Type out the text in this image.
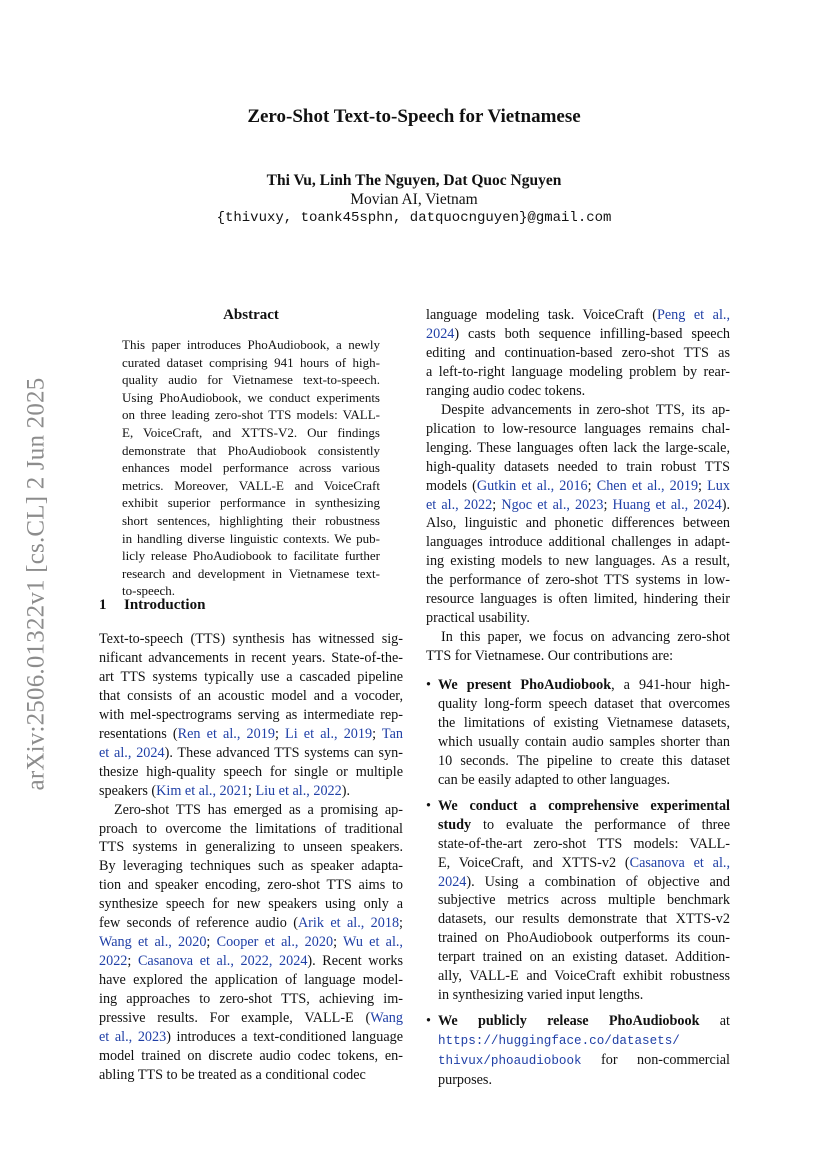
arXiv:2506.01322v1 [cs.CL] 2 Jun 2025
Zero-Shot Text-to-Speech for Vietnamese
Thi Vu, Linh The Nguyen, Dat Quoc Nguyen
Movian AI, Vietnam
{thivuxy, toank45sphn, datquocnguyen}@gmail.com
Abstract
This paper introduces PhoAudiobook, a newly
curated dataset comprising 941 hours of high-
quality audio for Vietnamese text-to-speech.
Using PhoAudiobook, we conduct experiments
on three leading zero-shot TTS models: VALL-
E, VoiceCraft, and XTTS-V2. Our findings
demonstrate that PhoAudiobook consistently
enhances model performance across various
metrics. Moreover, VALL-E and VoiceCraft
exhibit superior performance in synthesizing
short sentences, highlighting their robustness
in handling diverse linguistic contexts. We pub-
licly release PhoAudiobook to facilitate further
research and development in Vietnamese text-
to-speech.
1 Introduction
Text-to-speech (TTS) synthesis has witnessed sig-
nificant advancements in recent years. State-of-the-
art TTS systems typically use a cascaded pipeline
that consists of an acoustic model and a vocoder,
with mel-spectrograms serving as intermediate rep-
resentations (Ren et al., 2019; Li et al., 2019; Tan
et al., 2024). These advanced TTS systems can syn-
thesize high-quality speech for single or multiple
speakers (Kim et al., 2021; Liu et al., 2022).
Zero-shot TTS has emerged as a promising ap-
proach to overcome the limitations of traditional
TTS systems in generalizing to unseen speakers.
By leveraging techniques such as speaker adapta-
tion and speaker encoding, zero-shot TTS aims to
synthesize speech for new speakers using only a
few seconds of reference audio (Arik et al., 2018;
Wang et al., 2020; Cooper et al., 2020; Wu et al.,
2022; Casanova et al., 2022, 2024). Recent works
have explored the application of language model-
ing approaches to zero-shot TTS, achieving im-
pressive results. For example, VALL-E (Wang
et al., 2023) introduces a text-conditioned language
model trained on discrete audio codec tokens, en-
abling TTS to be treated as a conditional codec
language modeling task. VoiceCraft (Peng et al.,
2024) casts both sequence infilling-based speech
editing and continuation-based zero-shot TTS as
a left-to-right language modeling problem by rear-
ranging audio codec tokens.
Despite advancements in zero-shot TTS, its ap-
plication to low-resource languages remains chal-
lenging. These languages often lack the large-scale,
high-quality datasets needed to train robust TTS
models (Gutkin et al., 2016; Chen et al., 2019; Lux
et al., 2022; Ngoc et al., 2023; Huang et al., 2024).
Also, linguistic and phonetic differences between
languages introduce additional challenges in adapt-
ing existing models to new languages. As a result,
the performance of zero-shot TTS systems in low-
resource languages is often limited, hindering their
practical usability.
In this paper, we focus on advancing zero-shot
TTS for Vietnamese. Our contributions are:
• We present PhoAudiobook, a 941-hour high-
quality long-form speech dataset that overcomes
the limitations of existing Vietnamese datasets,
which usually contain audio samples shorter than
10 seconds. The pipeline to create this dataset
can be easily adapted to other languages.
• We conduct a comprehensive experimental
study to evaluate the performance of three
state-of-the-art zero-shot TTS models: VALL-
E, VoiceCraft, and XTTS-v2 (Casanova et al.,
2024). Using a combination of objective and
subjective metrics across multiple benchmark
datasets, our results demonstrate that XTTS-v2
trained on PhoAudiobook outperforms its coun-
terpart trained on an existing dataset. Addition-
ally, VALL-E and VoiceCraft exhibit robustness
in synthesizing varied input lengths.
• We publicly release PhoAudiobook at
https://huggingface.co/datasets/
thivux/phoaudiobook for non-commercial
purposes.
